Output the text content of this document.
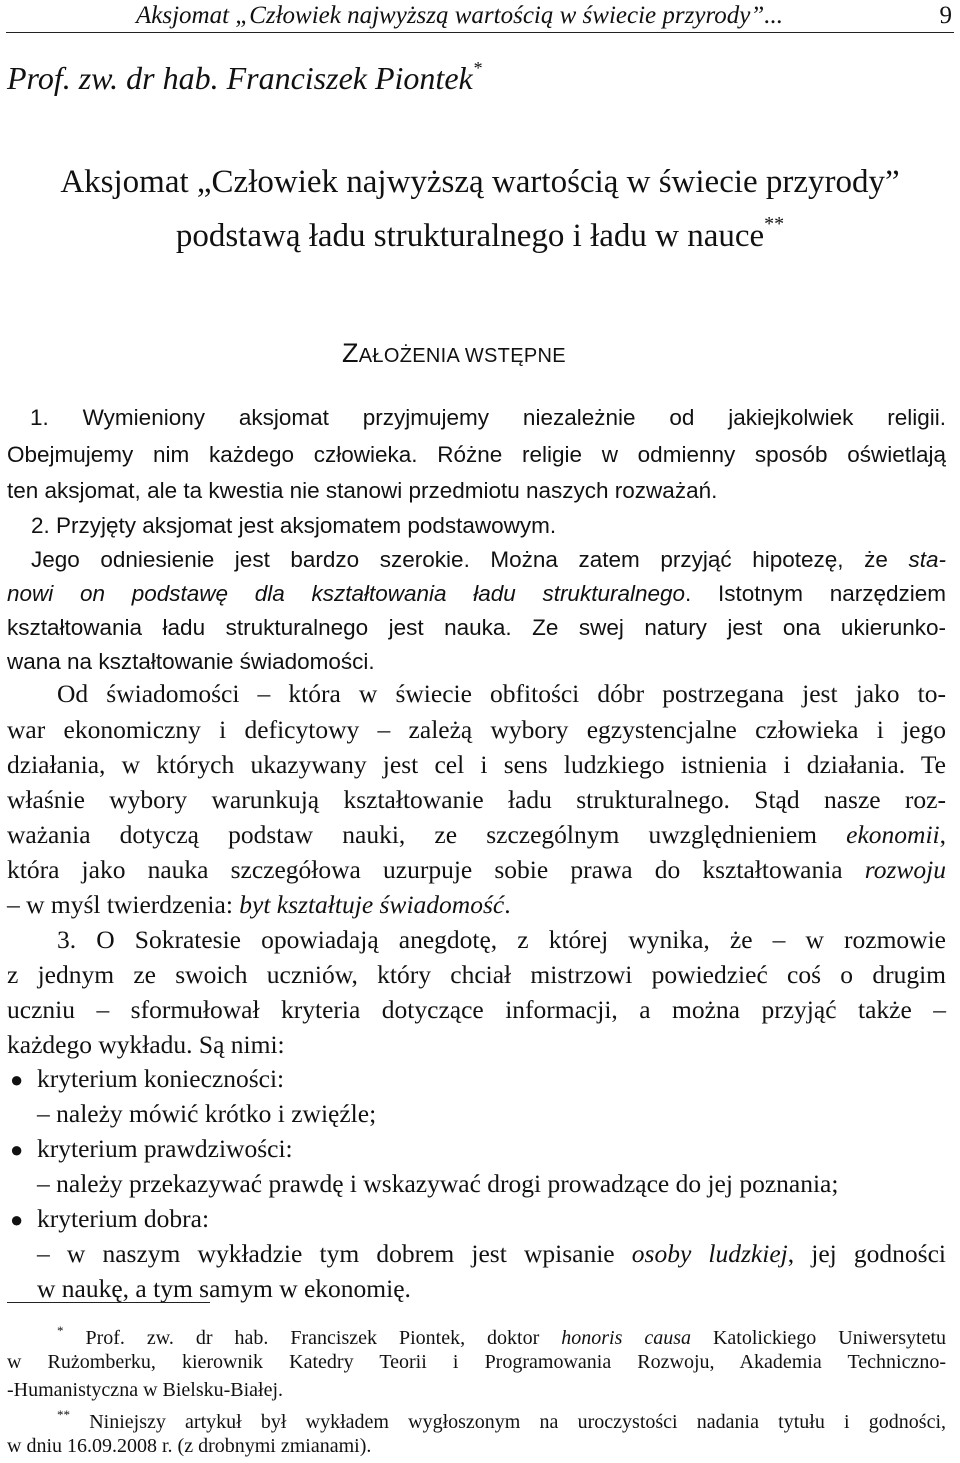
Aksjomat „Człowiek najwyższą wartością w świecie przyrody”...	9
Prof. zw. dr hab. Franciszek Piontek*
Aksjomat „Człowiek najwyższą wartością w świecie przyrody”
podstawą ładu strukturalnego i ładu w nauce**
ZAŁOŻENIA WSTĘPNE
1. Wymieniony aksjomat przyjmujemy niezależnie od jakiejkolwiek religii.
Obejmujemy nim każdego człowieka. Różne religie w odmienny sposób oświetlają
ten aksjomat, ale ta kwestia nie stanowi przedmiotu naszych rozważań.
2. Przyjęty aksjomat jest aksjomatem podstawowym.
Jego odniesienie jest bardzo szerokie. Można zatem przyjąć hipotezę, że sta-
nowi on podstawę dla kształtowania ładu strukturalnego. Istotnym narzędziem
kształtowania ładu strukturalnego jest nauka. Ze swej natury jest ona ukierunko-
wana na kształtowanie świadomości.
Od świadomości – która w świecie obfitości dóbr postrzegana jest jako to-
war ekonomiczny i deficytowy – zależą wybory egzystencjalne człowieka i jego
działania, w których ukazywany jest cel i sens ludzkiego istnienia i działania. Te
właśnie wybory warunkują kształtowanie ładu strukturalnego. Stąd nasze roz-
ważania dotyczą podstaw nauki, ze szczególnym uwzględnieniem ekonomii,
która jako nauka szczegółowa uzurpuje sobie prawa do kształtowania rozwoju
– w myśl twierdzenia: byt kształtuje świadomość.
3. O Sokratesie opowiadają anegdotę, z której wynika, że – w rozmowie
z jednym ze swoich uczniów, który chciał mistrzowi powiedzieć coś o drugim
uczniu – sformułował kryteria dotyczące informacji, a można przyjąć także –
każdego wykładu. Są nimi:
● kryterium konieczności:
– należy mówić krótko i zwięźle;
● kryterium prawdziwości:
– należy przekazywać prawdę i wskazywać drogi prowadzące do jej poznania;
● kryterium dobra:
– w naszym wykładzie tym dobrem jest wpisanie osoby ludzkiej, jej godności
w naukę, a tym samym w ekonomię.
* Prof. zw. dr hab. Franciszek Piontek, doktor honoris causa Katolickiego Uniwersytetu
w Rużomberku, kierownik Katedry Teorii i Programowania Rozwoju, Akademia Techniczno-
-Humanistyczna w Bielsku-Białej.
** Niniejszy artykuł był wykładem wygłoszonym na uroczystości nadania tytułu i godności,
w dniu 16.09.2008 r. (z drobnymi zmianami).
